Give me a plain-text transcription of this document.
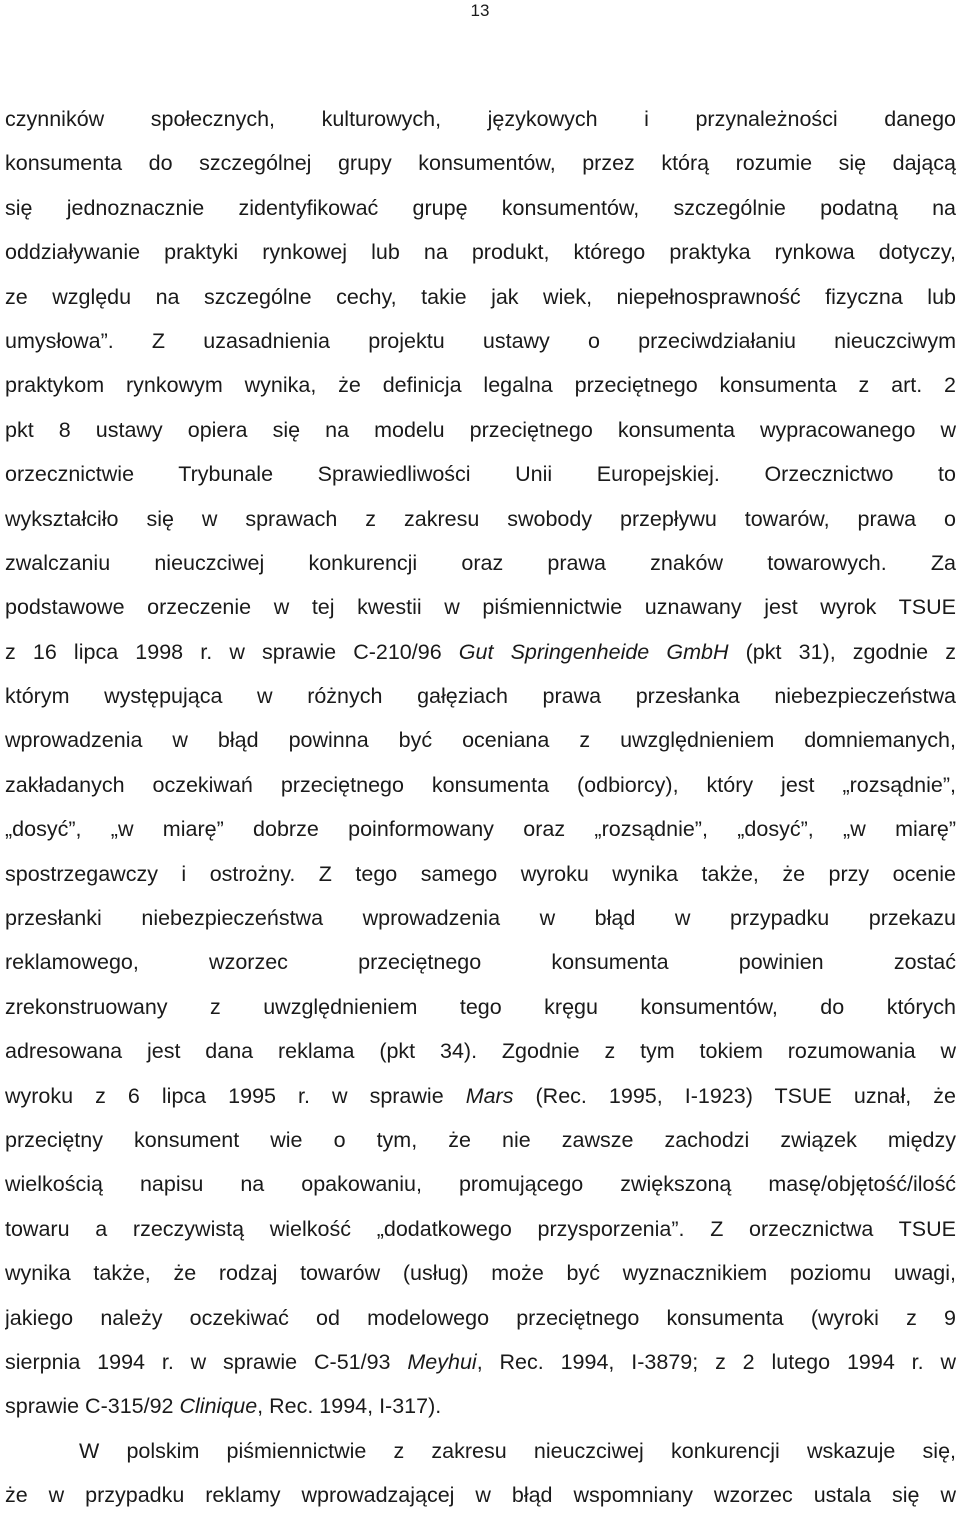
13
czynników społecznych, kulturowych, językowych i przynależności danego
konsumenta do szczególnej grupy konsumentów, przez którą rozumie się dającą
się jednoznacznie zidentyfikować grupę konsumentów, szczególnie podatną na
oddziaływanie praktyki rynkowej lub na produkt, którego praktyka rynkowa dotyczy,
ze względu na szczególne cechy, takie jak wiek, niepełnosprawność fizyczna lub
umysłowa”. Z uzasadnienia projektu ustawy o przeciwdziałaniu nieuczciwym
praktykom rynkowym wynika, że definicja legalna przeciętnego konsumenta z art. 2
pkt 8 ustawy opiera się na modelu przeciętnego konsumenta wypracowanego w
orzecznictwie Trybunale Sprawiedliwości Unii Europejskiej. Orzecznictwo to
wykształciło się w sprawach z zakresu swobody przepływu towarów, prawa o
zwalczaniu nieuczciwej konkurencji oraz prawa znaków towarowych. Za
podstawowe orzeczenie w tej kwestii w piśmiennictwie uznawany jest wyrok TSUE
z 16 lipca 1998 r. w sprawie C-210/96 Gut Springenheide GmbH (pkt 31), zgodnie z
którym występująca w różnych gałęziach prawa przesłanka niebezpieczeństwa
wprowadzenia w błąd powinna być oceniana z uwzględnieniem domniemanych,
zakładanych oczekiwań przeciętnego konsumenta (odbiorcy), który jest „rozsądnie”,
„dosyć”, „w miarę” dobrze poinformowany oraz „rozsądnie”, „dosyć”, „w miarę”
spostrzegawczy i ostrożny. Z tego samego wyroku wynika także, że przy ocenie
przesłanki niebezpieczeństwa wprowadzenia w błąd w przypadku przekazu
reklamowego, wzorzec przeciętnego konsumenta powinien zostać
zrekonstruowany z uwzględnieniem tego kręgu konsumentów, do których
adresowana jest dana reklama (pkt 34). Zgodnie z tym tokiem rozumowania w
wyroku z 6 lipca 1995 r. w sprawie Mars (Rec. 1995, I-1923) TSUE uznał, że
przeciętny konsument wie o tym, że nie zawsze zachodzi związek między
wielkością napisu na opakowaniu, promującego zwiększoną masę/objętość/ilość
towaru a rzeczywistą wielkość „dodatkowego przysporzenia”. Z orzecznictwa TSUE
wynika także, że rodzaj towarów (usług) może być wyznacznikiem poziomu uwagi,
jakiego należy oczekiwać od modelowego przeciętnego konsumenta (wyroki z 9
sierpnia 1994 r. w sprawie C-51/93 Meyhui, Rec. 1994, I-3879; z 2 lutego 1994 r. w
sprawie C-315/92 Clinique, Rec. 1994, I-317).
W polskim piśmiennictwie z zakresu nieuczciwej konkurencji wskazuje się,
że w przypadku reklamy wprowadzającej w błąd wspomniany wzorzec ustala się w
